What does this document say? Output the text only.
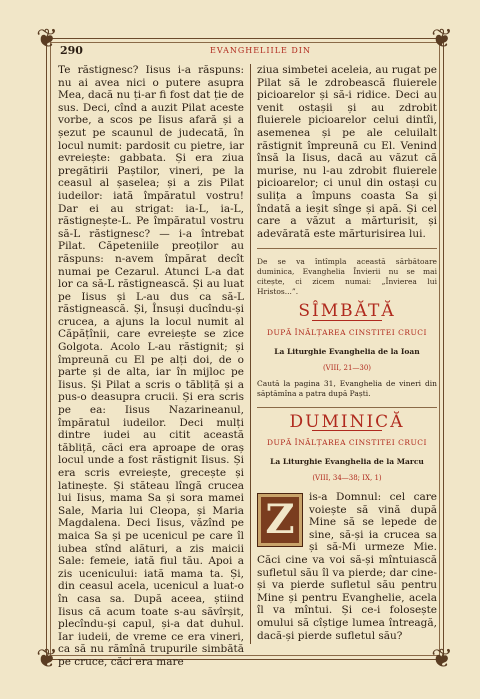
❦	❦
❦	❦
290	EVANGHELIILE DIN

Te răstignesc? Iisus i-a răspuns: nu ai avea nici o putere asupra Mea, dacă nu ți-ar fi fost dat ție de sus. Deci, cînd a auzit Pilat aceste vorbe, a scos pe Iisus afară și a șezut pe scaunul de judecată, în locul numit: pardosit cu pietre, iar evreiește: gabbata. Și era ziua pregătirii Paștilor, vineri, pe la ceasul al șaselea; și a zis Pilat iudeilor: iată împăratul vostru! Dar ei au strigat: ia-L, ia-L, răstignește-L. Pe împăratul vostru să-L răstignesc? — i-a întrebat Pilat. Căpeteniile preoților au răspuns: n-avem împărat decît numai pe Cezarul. Atunci L-a dat lor ca să-L răstignească. Și au luat pe Iisus și L-au dus ca să-L răstignească. Și, Însuși ducîndu-și crucea, a ajuns la locul numit al Căpățînii, care evreiește se zice Golgota. Acolo L-au răstignit; și împreună cu El pe alți doi, de o parte și de alta, iar în mijloc pe Iisus. Și Pilat a scris o tăbliță și a pus-o deasupra crucii. Și era scris pe ea: Iisus Nazarineanul, împăratul iudeilor. Deci mulți dintre iudei au citit această tăbliță, căci era aproape de oraș locul unde a fost răstignit Iisus. Și era scris evreiește, grecește și latinește. Și stăteau lîngă crucea lui Iisus, mama Sa și sora mamei Sale, Maria lui Cleopa, și Maria Magdalena. Deci Iisus, văzînd pe maica Sa și pe ucenicul pe care îl iubea stînd alături, a zis maicii Sale: femeie, iată fiul tău. Apoi a zis ucenicului: iată mama ta. Și, din ceasul acela, ucenicul a luat-o în casa sa. După aceea, știind Iisus că acum toate s-au săvîrșit, plecîndu-și capul, și-a dat duhul. Iar iudeii, de vreme ce era vineri, ca să nu rămînă trupurile simbătă pe cruce, căci era mare

ziua simbetei aceleia, au rugat pe Pilat să le zdrobească fluierele picioarelor și să-i ridice. Deci au venit ostașii și au zdrobit fluierele picioarelor celui dintîi, asemenea și pe ale celuilalt răstignit împreună cu El. Venind însă la Iisus, dacă au văzut că murise, nu l-au zdrobit fluierele picioarelor; ci unul din ostași cu sulița a împuns coasta Sa și îndată a ieșit sînge și apă. Și cel care a văzut a mărturisit, și adevărată este mărturisirea lui.

De se va întîmpla această sărbătoare duminica, Evanghelia Învierii nu se mai citește, ci zicem numai: „Învierea lui Hristos...”.

SÎMBĂTĂ
DUPĂ ÎNĂLȚAREA CINSTITEI CRUCI
La Liturghie Evanghelia de la Ioan
(VIII, 21—30)

Caută la pagina 31, Evanghelia de vineri din săptămîna a patra după Paști.

DUMINICĂ
DUPĂ ÎNĂLȚAREA CINSTITEI CRUCI
La Liturghie Evanghelia de la Marcu
(VIII, 34—38; IX, 1)

Z	is-a Domnul: cel care voiește să vină după Mine să se lepede de sine, să-și ia crucea sa și să-Mi urmeze Mie. Căci cine va voi să-și mîntuiască sufletul său îl va pierde; dar cine-și va pierde sufletul său pentru Mine și pentru Evanghelie, acela îl va mîntui. Și ce-i folosește omului să cîștige lumea întreagă, dacă-și pierde sufletul său?
